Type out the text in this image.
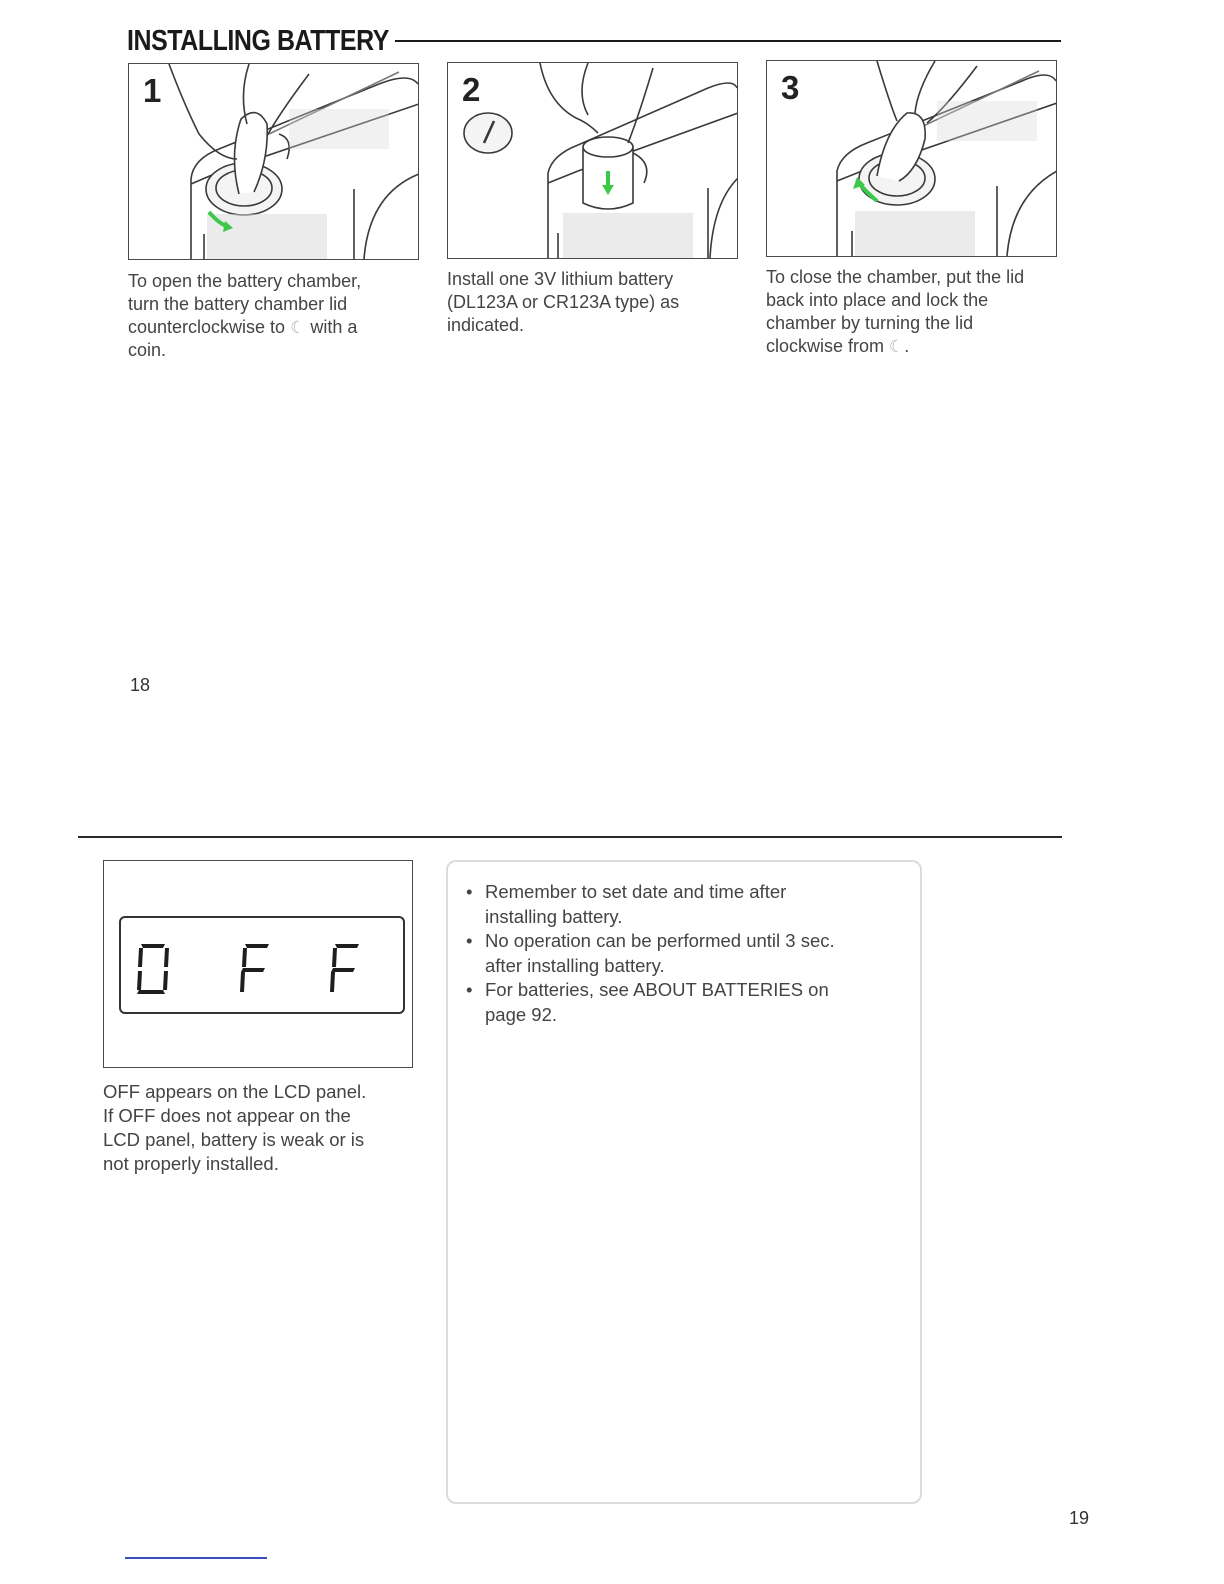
INSTALLING BATTERY
1
To open the battery chamber,
turn the battery chamber lid
counterclockwise to ☾ with a
coin.
2
Install one 3V lithium battery
(DL123A or CR123A type) as
indicated.
3
To close the chamber, put the lid
back into place and lock the
chamber by turning the lid
clockwise from ☾.
18
OFF appears on the LCD panel.
If OFF does not appear on the
LCD panel, battery is weak or is
not properly installed.
• Remember to set date and time after
installing battery.
• No operation can be performed until 3 sec.
after installing battery.
• For batteries, see ABOUT BATTERIES on
page 92.
19
